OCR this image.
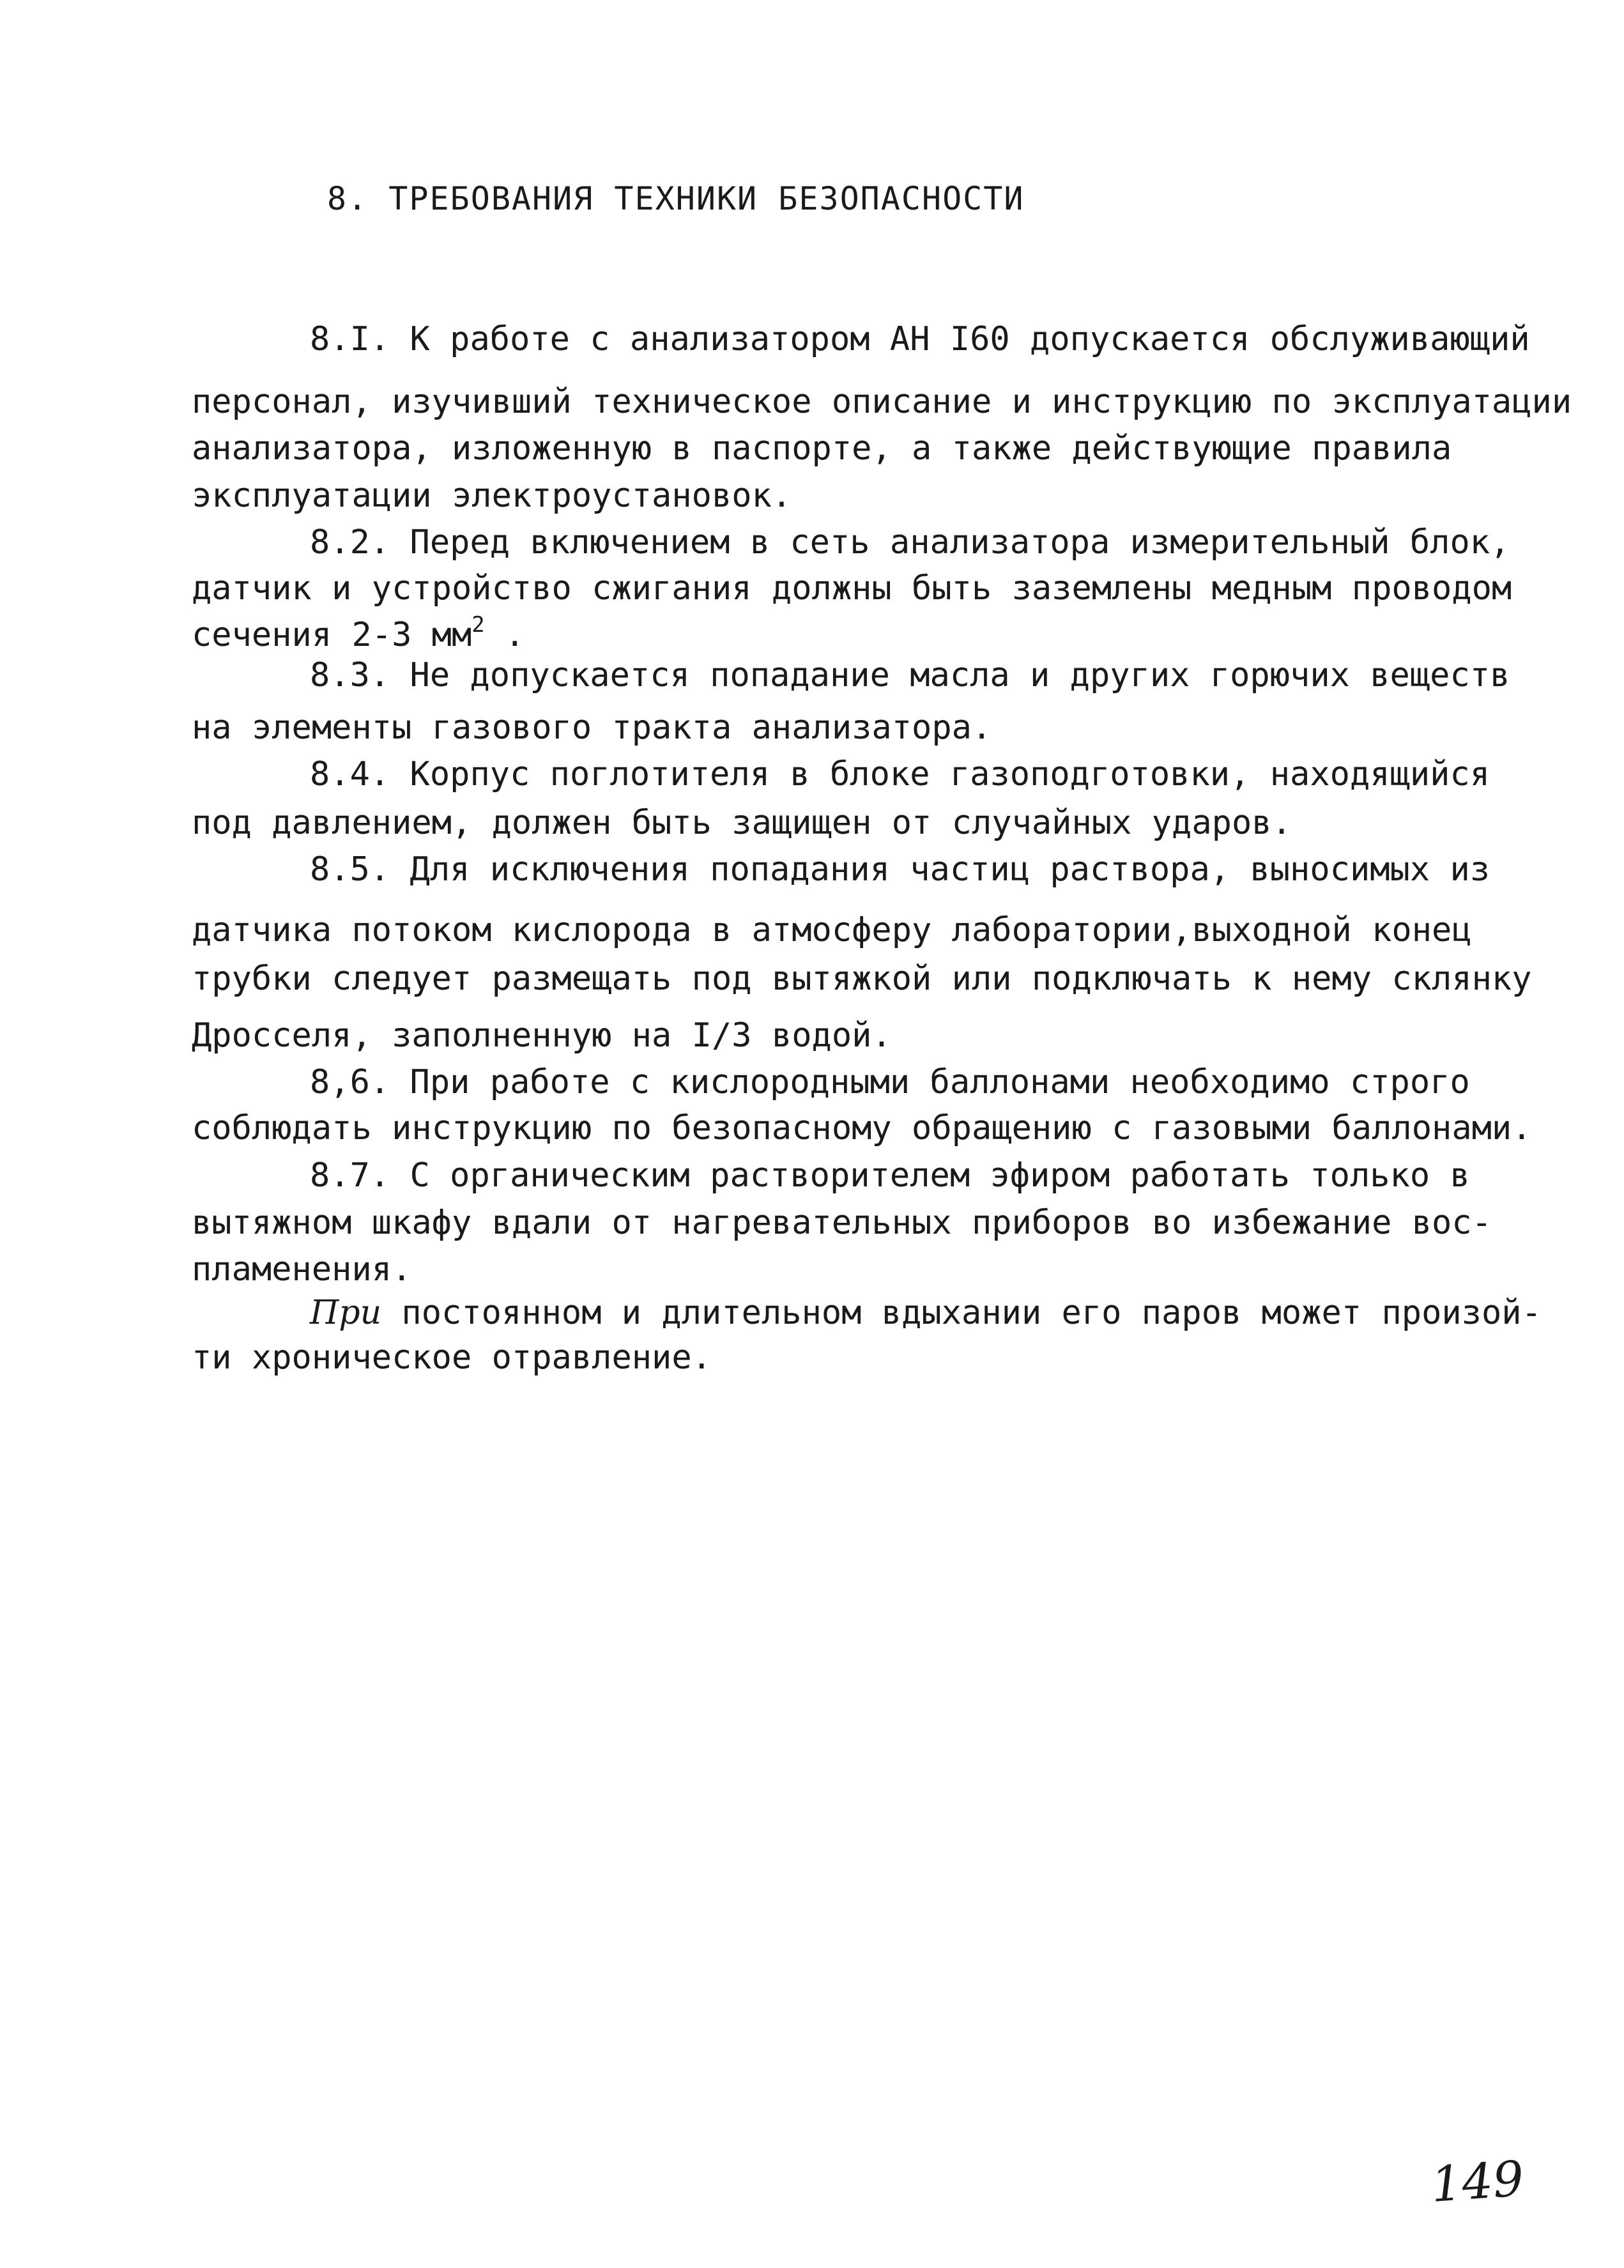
8. ТРЕБОВАНИЯ ТЕХНИКИ БЕЗОПАСНОСТИ
8.I. К работе с анализатором АН I60 допускается обслуживающий
персонал, изучивший техническое описание и инструкцию по эксплуатации
анализатора, изложенную в паспорте, а также действующие правила
эксплуатации электроустановок.
8.2. Перед включением в сеть анализатора измерительный блок,
датчик и устройство сжигания должны быть заземлены медным проводом
сечения 2-3 $мм^2$ .
8.3. Не допускается попадание масла и других горючих веществ
на элементы газового тракта анализатора.
8.4. Корпус поглотителя в блоке газоподготовки, находящийся
под давлением, должен быть защищен от случайных ударов.
8.5. Для исключения попадания частиц раствора, выносимых из
датчика потоком кислорода в атмосферу лаборатории,выходной конец
трубки следует размещать под вытяжкой или подключать к нему склянку
Дросселя, заполненную на I/3 водой.
8,6. При работе с кислородными баллонами необходимо строго
соблюдать инструкцию по безопасному обращению с газовыми баллонами.
8.7. С органическим растворителем эфиром работать только в
вытяжном шкафу вдали от нагревательных приборов во избежание вос-
пламенения.
При постоянном и длительном вдыхании его паров может произой-
ти хроническое отравление.
149
